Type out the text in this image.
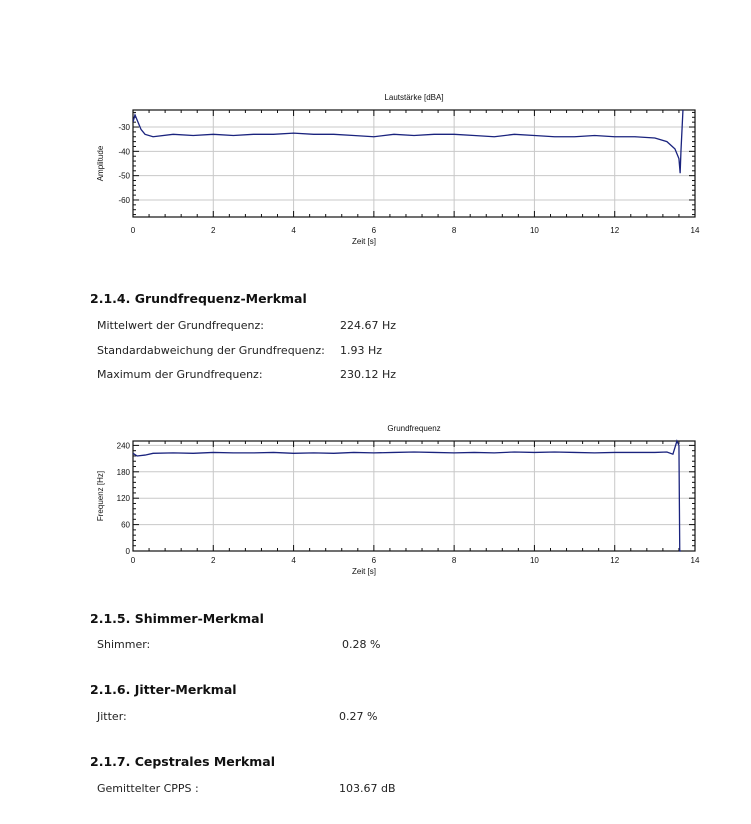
Lautstärke [dBA]
0	2	4	6	8	10	12	14
-30
-40
-50
-60
Zeit [s]
Amplitude
2.1.4. Grundfrequenz-Merkmal
Mittelwert der Grundfrequenz:	224.67 Hz
Standardabweichung der Grundfrequenz: 1.93 Hz
Maximum der Grundfrequenz:	230.12 Hz
Grundfrequenz
0	2	4	6	8	10	12	14
0
60
120
180
240
Zeit [s]
Frequenz [Hz]
2.1.5. Shimmer-Merkmal
Shimmer:	0.28 %
2.1.6. Jitter-Merkmal
Jitter:	0.27 %
2.1.7. Cepstrales Merkmal
Gemittelter CPPS :	103.67 dB
